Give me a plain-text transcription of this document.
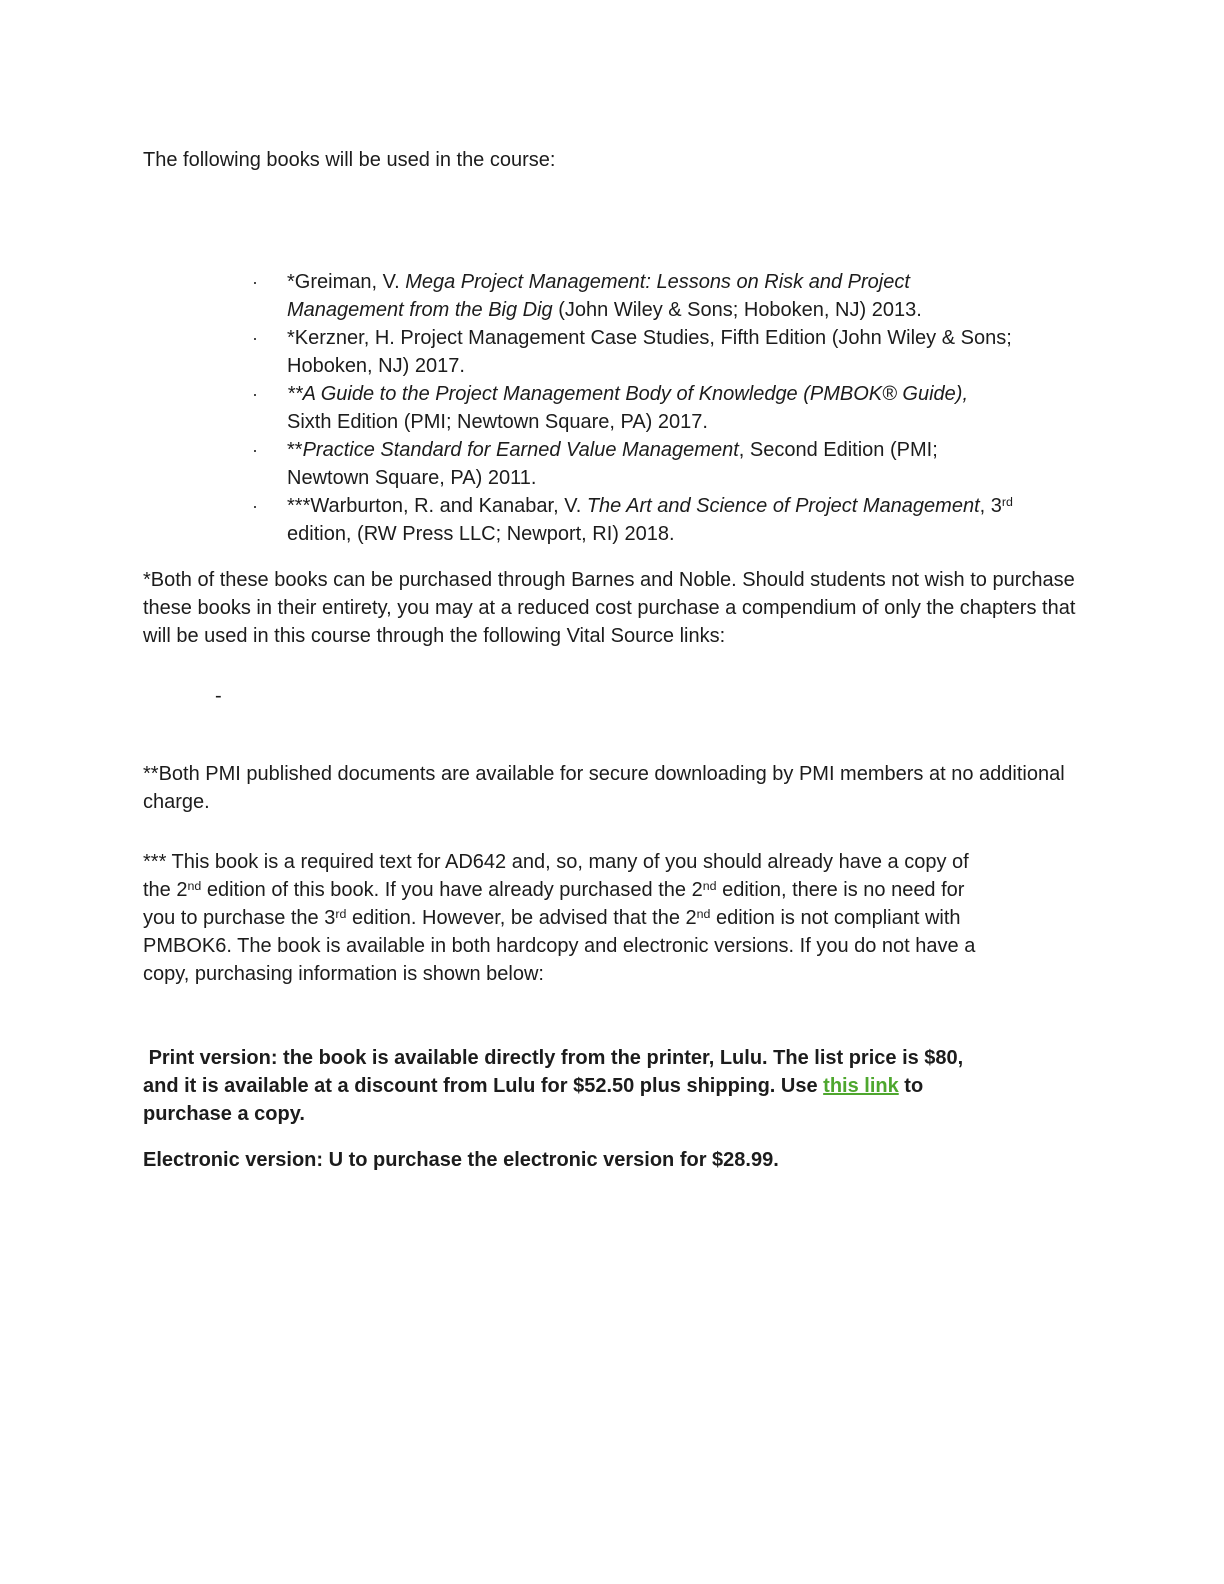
The following books will be used in the course:

·	*Greiman, V. Mega Project Management: Lessons on Risk and Project Management from the Big Dig (John Wiley & Sons; Hoboken, NJ) 2013.
·	*Kerzner, H. Project Management Case Studies, Fifth Edition (John Wiley & Sons; Hoboken, NJ) 2017.
·	**A Guide to the Project Management Body of Knowledge (PMBOK® Guide), Sixth Edition (PMI; Newtown Square, PA) 2017.
·	**Practice Standard for Earned Value Management, Second Edition (PMI; Newtown Square, PA) 2011.
·	***Warburton, R. and Kanabar, V. The Art and Science of Project Management, 3rd edition, (RW Press LLC; Newport, RI) 2018.

*Both of these books can be purchased through Barnes and Noble. Should students not wish to purchase these books in their entirety, you may at a reduced cost purchase a compendium of only the chapters that will be used in this course through the following Vital Source links:

-

**Both PMI published documents are available for secure downloading by PMI members at no additional charge.

*** This book is a required text for AD642 and, so, many of you should already have a copy of the 2nd edition of this book. If you have already purchased the 2nd edition, there is no need for you to purchase the 3rd edition. However, be advised that the 2nd edition is not compliant with PMBOK6. The book is available in both hardcopy and electronic versions. If you do not have a copy, purchasing information is shown below:

Print version: the book is available directly from the printer, Lulu. The list price is $80, and it is available at a discount from Lulu for $52.50 plus shipping. Use this link to purchase a copy.

Electronic version: U to purchase the electronic version for $28.99.
